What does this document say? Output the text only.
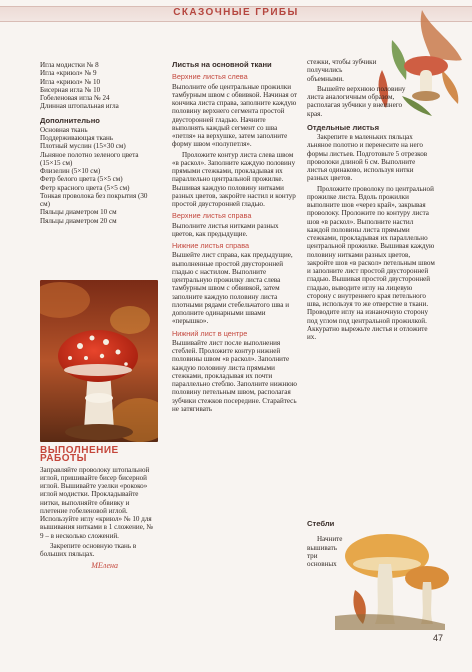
СКАЗОЧНЫЕ ГРИБЫ
Игла модистки № 8
Игла «криюл» № 9
Игла «криюл» № 10
Бисерная игла № 10
Гобеленовая игла № 24
Длинная штопальная игла
Дополнительно
Основная ткань
Поддерживающая ткань
Плотный муслин (15×30 см)
Льняное полотно зеленого цвета (15×15 см)
Флизелин (5×10 см)
Фетр белого цвета (5×5 см)
Фетр красного цвета (5×5 см)
Тонкая проволока без покрытия (30 см)
Пяльцы диаметром 10 см
Пяльцы диаметром 20 см
ВЫПОЛНЕНИЕ РАБОТЫ

Заправляйте проволоку штопальной иглой, пришивайте бисер бисерной иглой. Вышивайте узелки «рококо» иглой модистки. Прокладывайте нитки, выполняйте обвивку и плетение гобеленовой иглой. Используйте иглу «криюл» № 10 для вышивания нитками в 1 сложение, № 9 – в несколько сложений.

Закрепите основную ткань в больших пяльцах.

MЕлена
Листья на основной ткани
Верхние листья слева

Выполните обе центральные прожилки тамбурным швом с обвивкой. Начиная от кончика листа справа, заполните каждую половину верхнего сегмента простой двусторонней гладью. Начните выполнять каждый сегмент со шва «петля» на верхушке, затем заполните форму швом «полупетля».

Проложите контур листа слева швом «в раскол». Заполните каждую половину прямыми стежками, прокладывая их параллельно центральной прожилке. Вышивая каждую половину нитками разных цветов, закройте настил и контур простой двусторонней гладью.

Верхние листья справа

Выполните листья нитками разных цветов, как предыдущие.

Нижние листья справа

Вышейте лист справа, как предыдущие, выполненные простой двусторонней гладью с настилом. Выполните центральную прожилку листа слева тамбурным швом с обвивкой, затем заполните каждую половину листа плотными рядами стебельчатого шва и дополните одинарными швами «перышко».

Нижний лист в центре

Вышивайте лист после выполнения стеблей. Проложите контур нижней половины швом «в раскол». Заполните каждую половину листа прямыми стежками, прокладывая их почти параллельно стеблю. Заполните нижнюю половину петельным швом, располагая зубчики стежков посередине. Старайтесь не затягивать

стежки, чтобы зубчики получились объемными.

Вышейте верхнюю половину листа аналогичным образом, располагая зубчики у внешнего края.

Отдельные листья

Закрепите в маленьких пяльцах льняное полотно и перенесите на него формы листьев. Подготовьте 5 отрезков проволоки длиной 6 см. Выполните листья одинаково, используя нитки разных цветов.

Проложите проволоку по центральной прожилке листа. Вдоль прожилки выполните шов «через край», закрывая проволоку. Проложите по контуру листа шов «в раскол». Выполните настил каждой половины листа прямыми стежками, прокладывая их параллельно центральной прожилке. Вышивая каждую половину нитками разных цветов, закройте шов «в раскол» петельным швом и заполните лист простой двусторонней гладью. Вышивая простой двусторонней гладью, выводите иглу на лицевую сторону с внутреннего края петельного шва, используя то же отверстие в ткани. Проводите иглу на изнаночную сторону под углом под центральной прожилкой. Аккуратно вырежьте листья и отложите их.

Стебли

Начните вышивать три основных

47
